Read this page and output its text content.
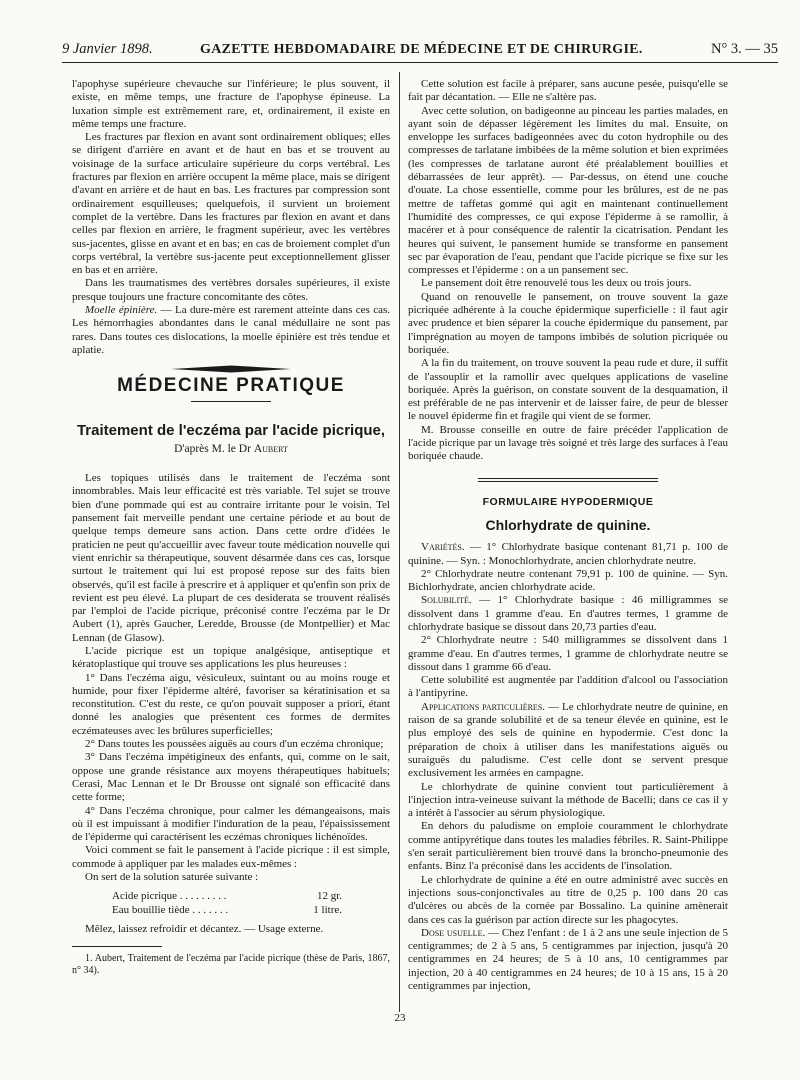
9 Janvier 1898.	GAZETTE HEBDOMADAIRE DE MÉDECINE ET DE CHIRURGIE.	N° 3. — 35

l'apophyse supérieure chevauche sur l'inférieure; le plus souvent, il existe, en même temps, une fracture de l'apophyse épineuse. La luxation simple est extrêmement rare, et, ordinairement, il existe en même temps une fracture.

Les fractures par flexion en avant sont ordinairement obliques; elles se dirigent d'arrière en avant et de haut en bas et se trouvent au voisinage de la surface articulaire supérieure du corps vertébral. Les fractures par flexion en arrière occupent la même place, mais se dirigent d'avant en arrière et de haut en bas. Les fractures par compression sont ordinairement esquilleuses; quelquefois, il survient un broiement complet de la vertèbre. Dans les fractures par flexion en avant et dans celles par flexion en arrière, le fragment supérieur, avec les vertèbres sus-jacentes, glisse en avant et en bas; en cas de broiement complet d'un corps vertébral, la vertèbre sus-jacente peut exceptionnellement glisser en bas et en arrière.

Dans les traumatismes des vertèbres dorsales supérieures, il existe presque toujours une fracture concomitante des côtes.

Moelle épinière. — La dure-mère est rarement atteinte dans ces cas. Les hémorrhagies abondantes dans le canal médullaire ne sont pas rares. Dans toutes ces dislocations, la moelle épinière est très tendue et aplatie.

MÉDECINE PRATIQUE
Traitement de l'eczéma par l'acide picrique,
D'après M. le Dr Aubert

Les topiques utilisés dans le traitement de l'eczéma sont innombrables. Mais leur efficacité est très variable. Tel sujet se trouve bien d'une pommade qui est au contraire irritante pour le voisin. Tel pansement fait merveille pendant une certaine période et au bout de quelque temps demeure sans action. Dans cette ordre d'idées le praticien ne peut qu'accueillir avec faveur toute médication nouvelle qui vient enrichir sa thérapeutique, souvent désarmée dans ces cas, lorsque surtout le traitement qui lui est proposé repose sur des faits bien observés, qu'il est facile à prescrire et à appliquer et qu'enfin son prix de revient est peu élevé. La plupart de ces desiderata se trouvent réalisés par l'emploi de l'acide picrique, préconisé contre l'eczéma par le Dr Aubert (1), après Gaucher, Leredde, Brousse (de Montpellier) et Mac Lennan (de Glasow).

L'acide picrique est un topique analgésique, antiseptique et kératoplastique qui trouve ses applications les plus heureuses :

1° Dans l'eczéma aigu, vésiculeux, suintant ou au moins rouge et humide, pour fixer l'épiderme altéré, favoriser sa kératinisation et sa reconstitution. C'est du reste, ce qu'on pouvait supposer a priori, étant donné les analogies que présentent ces formes de dermites eczémateuses avec les brûlures superficielles;

2° Dans toutes les poussées aiguës au cours d'un eczéma chronique;

3° Dans l'eczéma impétigineux des enfants, qui, comme on le sait, oppose une grande résistance aux moyens thérapeutiques habituels; Cerasi, Mac Lennan et le Dr Brousse ont signalé son efficacité dans cette forme;

4° Dans l'eczéma chronique, pour calmer les démangeaisons, mais où il est impuissant à modifier l'induration de la peau, l'épaississement de l'épiderme qui caractérisent les eczémas chroniques lichénoïdes.

Voici comment se fait le pansement à l'acide picrique : il est simple, commode à appliquer par les malades eux-mêmes :

On sert de la solution saturée suivante :

Acide picrique . . . . . . . . .	12 gr.
Eau bouillie tiède . . . . . . .	1 litre.

Mêlez, laissez refroidir et décantez. — Usage externe.

1. Aubert, Traitement de l'eczéma par l'acide picrique (thèse de Paris, 1867, n° 34).

Cette solution est facile à préparer, sans aucune pesée, puisqu'elle se fait par décantation. — Elle ne s'altère pas.

Avec cette solution, on badigeonne au pinceau les parties malades, en ayant soin de dépasser légèrement les limites du mal. Ensuite, on enveloppe les surfaces badigeonnées avec du coton hydrophile ou des compresses de tarlatane imbibées de la même solution et bien exprimées (les compresses de tarlatane auront été préalablement bouillies et débarrassées de leur apprêt). — Par-dessus, on étend une couche d'ouate. La chose essentielle, comme pour les brûlures, est de ne pas mettre de taffetas gommé qui agit en maintenant continuellement l'humidité des compresses, ce qui expose l'épiderme à se ramollir, à macérer et à pour conséquence de ralentir la cicatrisation. Pendant les heures qui suivent, le pansement humide se transforme en pansement sec par évaporation de l'eau, pendant que l'acide picrique se fixe sur les compresses et l'épiderme : on a un pansement sec.

Le pansement doit être renouvelé tous les deux ou trois jours.

Quand on renouvelle le pansement, on trouve souvent la gaze picriquée adhérente à la couche épidermique superficielle : il faut agir avec prudence et bien séparer la couche épidermique du pansement, par l'imprégnation au moyen de tampons imbibés de solution picriquée ou boriquée.

A la fin du traitement, on trouve souvent la peau rude et dure, il suffit de l'assouplir et la ramollir avec quelques applications de vaseline boriquée. Après la guérison, on constate souvent de la desquamation, il est préférable de ne pas intervenir et de laisser faire, de peur de blesser le nouvel épiderme fin et fragile qui vient de se former.

M. Brousse conseille en outre de faire précéder l'application de l'acide picrique par un lavage très soigné et très large des surfaces à l'eau boriquée chaude.

FORMULAIRE HYPODERMIQUE
Chlorhydrate de quinine.

Variétés. — 1° Chlorhydrate basique contenant 81,71 p. 100 de quinine. — Syn. : Monochlorhydrate, ancien chlorhydrate neutre.

2° Chlorhydrate neutre contenant 79,91 p. 100 de quinine. — Syn. Bichlorhydrate, ancien chlorhydrate acide.

Solubilité. — 1° Chlorhydrate basique : 46 milligrammes se dissolvent dans 1 gramme d'eau. En d'autres termes, 1 gramme de chlorhydrate basique se dissout dans 20,73 parties d'eau.

2° Chlorhydrate neutre : 540 milligrammes se dissolvent dans 1 gramme d'eau. En d'autres termes, 1 gramme de chlorhydrate neutre se dissout dans 1 gramme 66 d'eau.

Cette solubilité est augmentée par l'addition d'alcool ou l'association à l'antipyrine.

Applications particulières. — Le chlorhydrate neutre de quinine, en raison de sa grande solubilité et de sa teneur élevée en quinine, est le plus employé des sels de quinine en hypodermie. C'est donc la préparation de choix à utiliser dans les manifestations aiguës ou suraiguës du paludisme. C'est celle dont se servent presque exclusivement les armées en campagne.

Le chlorhydrate de quinine convient tout particulièrement à l'injection intra-veineuse suivant la méthode de Bacelli; dans ce cas il y a intérêt à l'associer au sérum physiologique.

En dehors du paludisme on emploie couramment le chlorhydrate comme antipyrétique dans toutes les maladies fébriles. R. Saint-Philippe s'en serait particulièrement bien trouvé dans la broncho-pneumonie des enfants. Binz l'a préconisé dans les accidents de l'insolation.

Le chlorhydrate de quinine a été en outre administré avec succès en injections sous-conjonctivales au titre de 0,25 p. 100 dans 20 cas d'ulcères ou abcès de la cornée par Bossalino. La quinine amènerait dans ces cas la guérison par action directe sur les phagocytes.

Dose usuelle. — Chez l'enfant : de 1 à 2 ans une seule injection de 5 centigrammes; de 2 à 5 ans, 5 centigrammes par injection, jusqu'à 20 centigrammes en 24 heures; de 5 à 10 ans, 10 centigrammes par injection, 20 à 40 centigrammes en 24 heures; de 10 à 15 ans, 15 à 20 centigrammes par injection,

23
